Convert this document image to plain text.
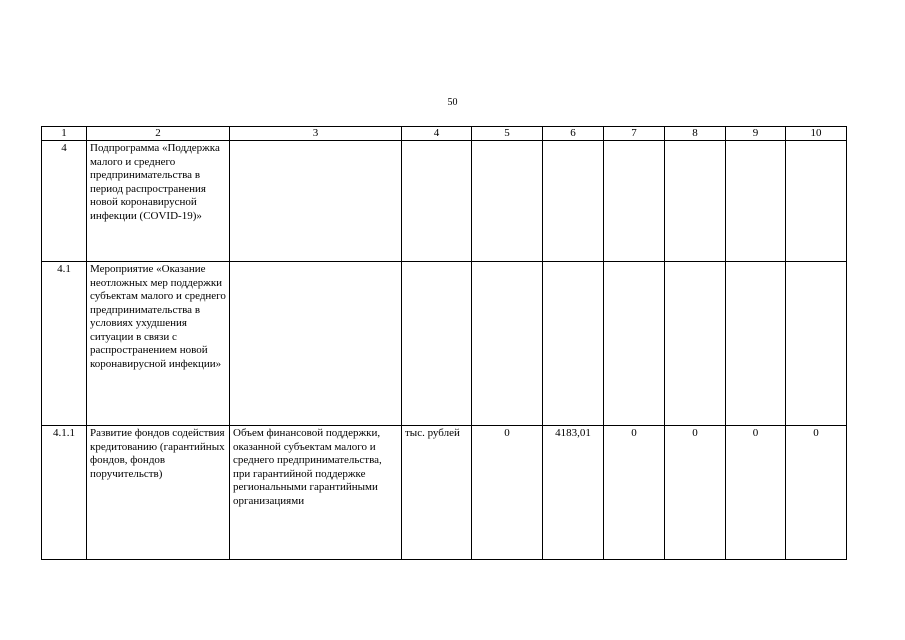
50
1	2	3	4	5	6	7	8	9	10
4	Подпрограмма «Поддержка малого и среднего предпринимательства в период распространения новой коронавирусной инфекции (COVID-19)»								
4.1	Мероприятие «Оказание неотложных мер поддержки субъектам малого и среднего предпринимательства в условиях ухудшения ситуации в связи с распространением новой коронавирусной инфекции»								
4.1.1	Развитие фондов содействия кредитованию (гарантийных фондов, фондов поручительств)	Объем финансовой поддержки, оказанной субъектам малого и среднего предпринимательства, при гарантийной поддержке региональными гарантийными организациями	тыс. рублей	0	4183,01	0	0	0	0
